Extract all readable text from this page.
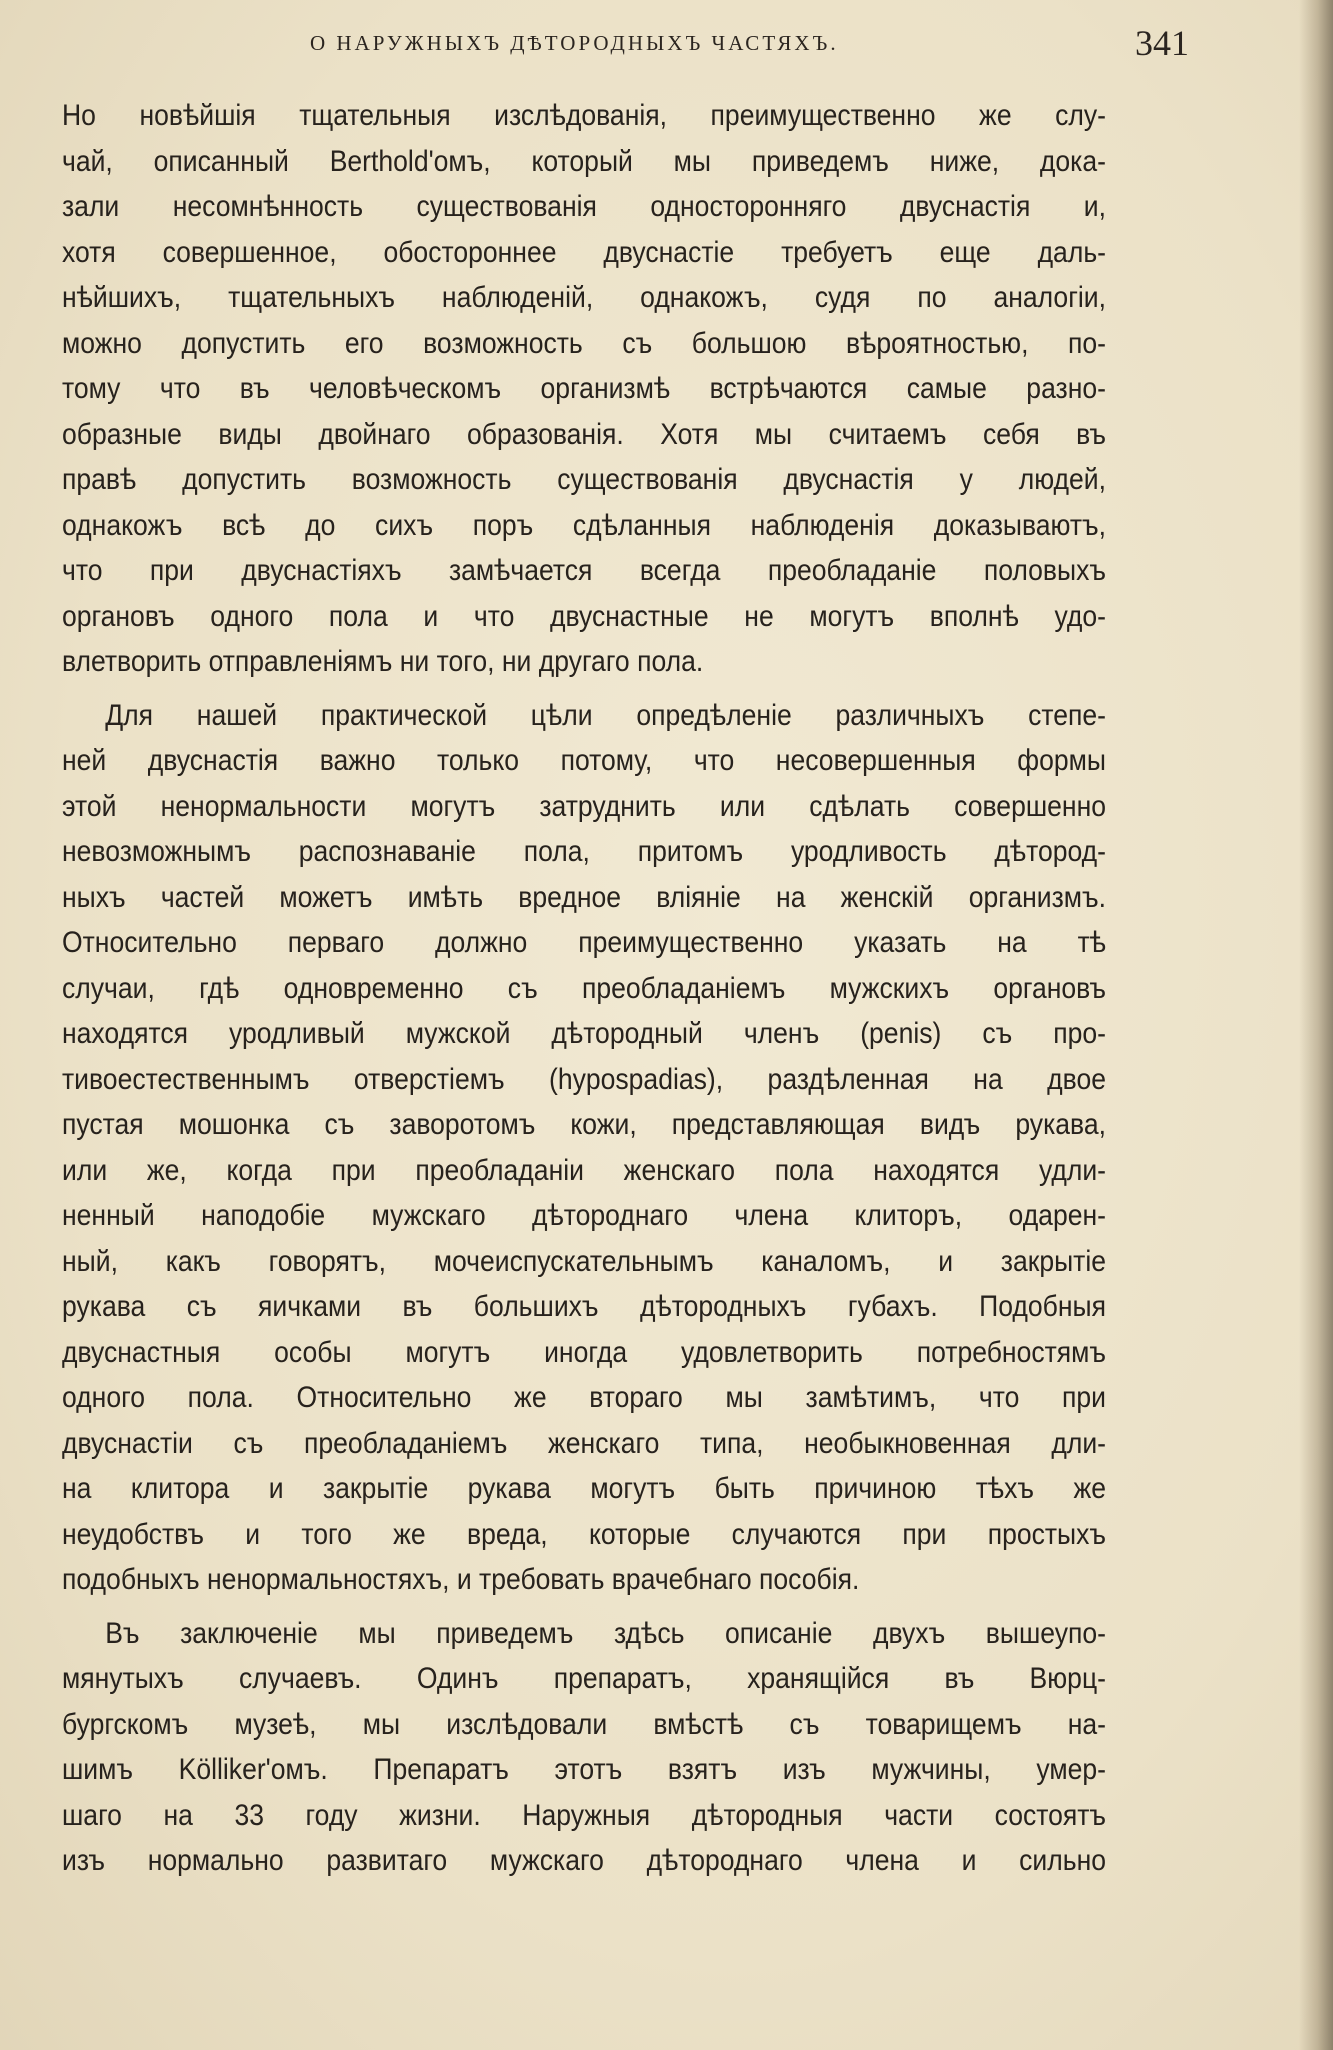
О НАРУЖНЫХЪ ДѢТОРОДНЫХЪ ЧАСТЯХЪ.	341
Но новѣйшія тщательныя изслѣдованія, преимущественно же слу-
чай, описанный Berthold'омъ, который мы приведемъ ниже, дока-
зали несомнѣнность существованія односторонняго двуснастія и,
хотя совершенное, обостороннее двуснастіе требуетъ еще даль-
нѣйшихъ, тщательныхъ наблюденій, однакожъ, судя по аналогіи,
можно допустить его возможность съ большою вѣроятностью, по-
тому что въ человѣческомъ организмѣ встрѣчаются самые разно-
образные виды двойнаго образованія. Хотя мы считаемъ себя въ
правѣ допустить возможность существованія двуснастія у людей,
однакожъ всѣ до сихъ поръ сдѣланныя наблюденія доказываютъ,
что при двуснастіяхъ замѣчается всегда преобладаніе половыхъ
органовъ одного пола и что двуснастные не могутъ вполнѣ удо-
влетворить отправленіямъ ни того, ни другаго пола.
Для нашей практической цѣли опредѣленіе различныхъ степе-
ней двуснастія важно только потому, что несовершенныя формы
этой ненормальности могутъ затруднить или сдѣлать совершенно
невозможнымъ распознаваніе пола, притомъ уродливость дѣтород-
ныхъ частей можетъ имѣть вредное вліяніе на женскій организмъ.
Относительно перваго должно преимущественно указать на тѣ
случаи, гдѣ одновременно съ преобладаніемъ мужскихъ органовъ
находятся уродливый мужской дѣтородный членъ (penis) съ про-
тивоестественнымъ отверстіемъ (hypospadias), раздѣленная на двое
пустая мошонка съ заворотомъ кожи, представляющая видъ рукава,
или же, когда при преобладаніи женскаго пола находятся удли-
ненный наподобіе мужскаго дѣтороднаго члена клиторъ, одарен-
ный, какъ говорятъ, мочеиспускательнымъ каналомъ, и закрытіе
рукава съ яичками въ большихъ дѣтородныхъ губахъ. Подобныя
двуснастныя особы могутъ иногда удовлетворить потребностямъ
одного пола. Относительно же втораго мы замѣтимъ, что при
двуснастіи съ преобладаніемъ женскаго типа, необыкновенная дли-
на клитора и закрытіе рукава могутъ быть причиною тѣхъ же
неудобствъ и того же вреда, которые случаются при простыхъ
подобныхъ ненормальностяхъ, и требовать врачебнаго пособія.
Въ заключеніе мы приведемъ здѣсь описаніе двухъ вышеупо-
мянутыхъ случаевъ. Одинъ препаратъ, хранящійся въ Вюрц-
бургскомъ музеѣ, мы изслѣдовали вмѣстѣ съ товарищемъ на-
шимъ Kölliker'омъ. Препаратъ этотъ взятъ изъ мужчины, умер-
шаго на 33 году жизни. Наружныя дѣтородныя части состоятъ
изъ нормально развитаго мужскаго дѣтороднаго члена и сильно
